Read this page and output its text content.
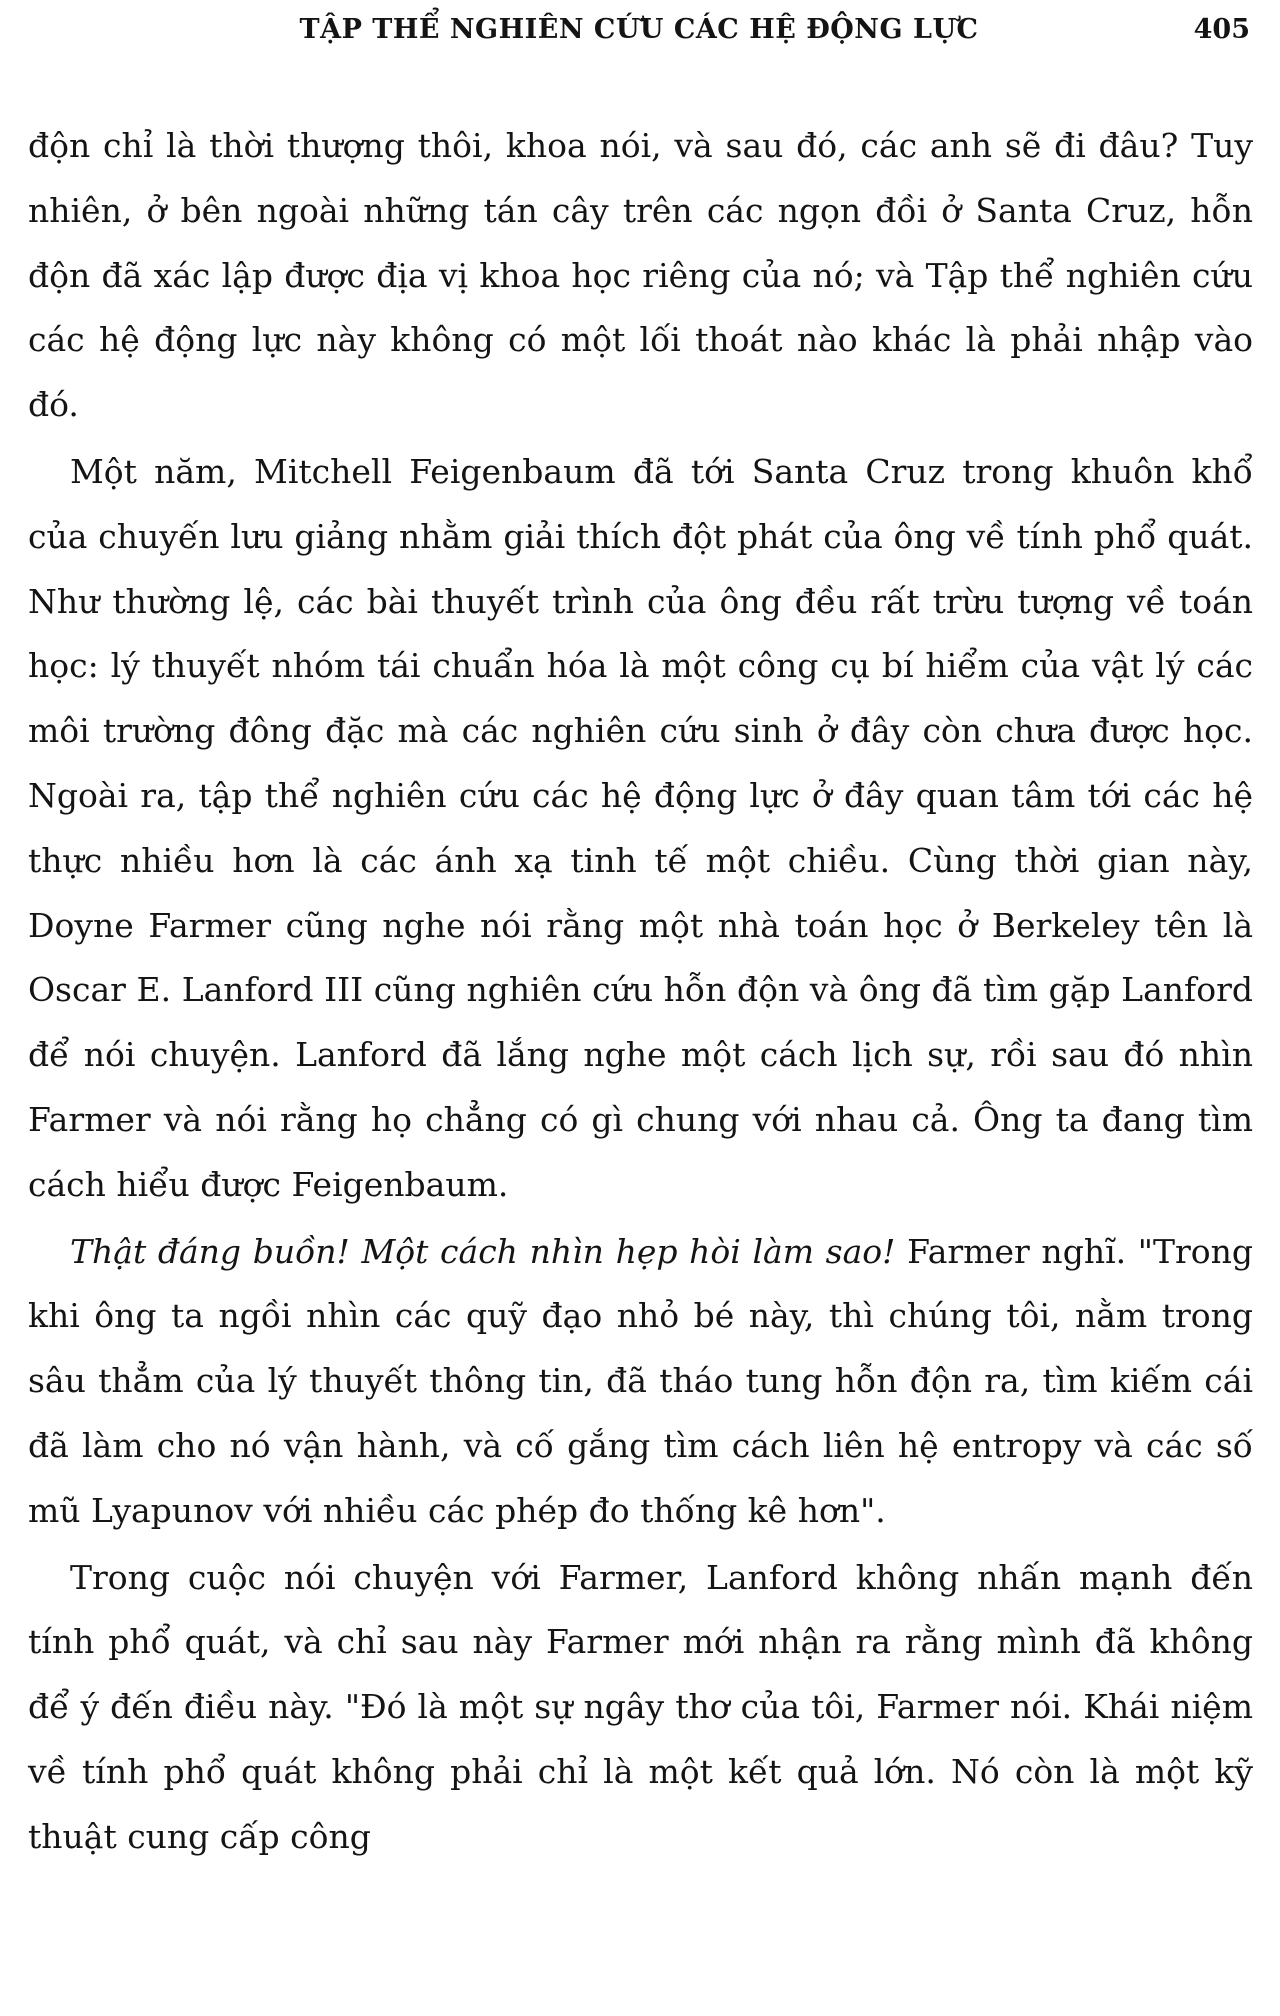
TẬP THỂ NGHIÊN CỨU CÁC HỆ ĐỘNG LỰC	405

độn chỉ là thời thượng thôi, khoa nói, và sau đó, các anh sẽ đi đâu? Tuy nhiên, ở bên ngoài những tán cây trên các ngọn đồi ở Santa Cruz, hỗn độn đã xác lập được địa vị khoa học riêng của nó; và Tập thể nghiên cứu các hệ động lực này không có một lối thoát nào khác là phải nhập vào đó.

Một năm, Mitchell Feigenbaum đã tới Santa Cruz trong khuôn khổ của chuyến lưu giảng nhằm giải thích đột phát của ông về tính phổ quát. Như thường lệ, các bài thuyết trình của ông đều rất trừu tượng về toán học: lý thuyết nhóm tái chuẩn hóa là một công cụ bí hiểm của vật lý các môi trường đông đặc mà các nghiên cứu sinh ở đây còn chưa được học. Ngoài ra, tập thể nghiên cứu các hệ động lực ở đây quan tâm tới các hệ thực nhiều hơn là các ánh xạ tinh tế một chiều. Cùng thời gian này, Doyne Farmer cũng nghe nói rằng một nhà toán học ở Berkeley tên là Oscar E. Lanford III cũng nghiên cứu hỗn độn và ông đã tìm gặp Lanford để nói chuyện. Lanford đã lắng nghe một cách lịch sự, rồi sau đó nhìn Farmer và nói rằng họ chẳng có gì chung với nhau cả. Ông ta đang tìm cách hiểu được Feigenbaum.

Thật đáng buồn! Một cách nhìn hẹp hòi làm sao! Farmer nghĩ. "Trong khi ông ta ngồi nhìn các quỹ đạo nhỏ bé này, thì chúng tôi, nằm trong sâu thẳm của lý thuyết thông tin, đã tháo tung hỗn độn ra, tìm kiếm cái đã làm cho nó vận hành, và cố gắng tìm cách liên hệ entropy và các số mũ Lyapunov với nhiều các phép đo thống kê hơn".

Trong cuộc nói chuyện với Farmer, Lanford không nhấn mạnh đến tính phổ quát, và chỉ sau này Farmer mới nhận ra rằng mình đã không để ý đến điều này. "Đó là một sự ngây thơ của tôi, Farmer nói. Khái niệm về tính phổ quát không phải chỉ là một kết quả lớn. Nó còn là một kỹ thuật cung cấp công
